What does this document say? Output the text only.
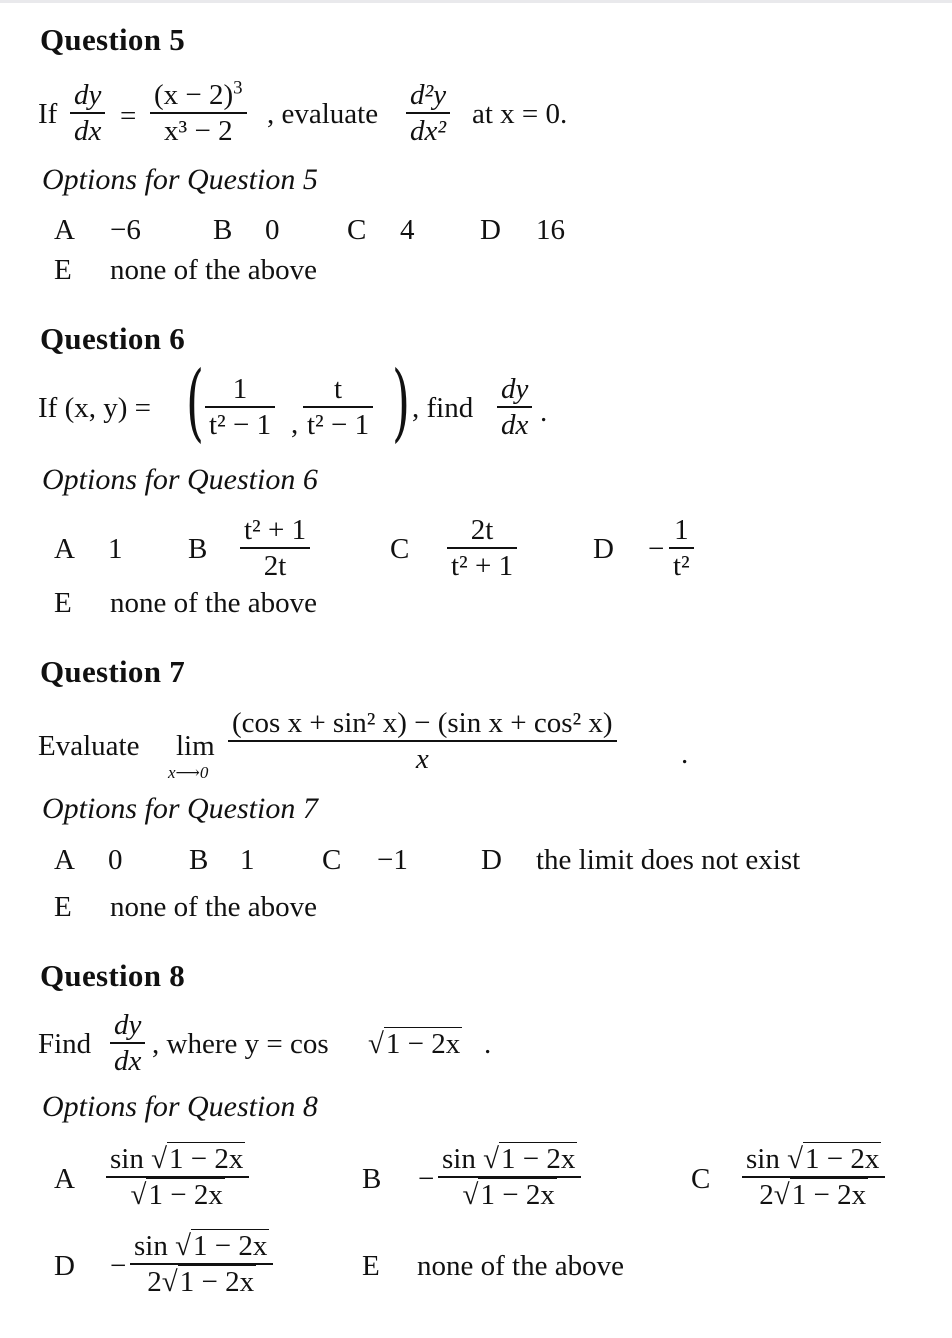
Question 5
If
dy
dx =
$(x - 2)^3$
x³ − 2
, evaluate
d²y
dx²
at x = 0.
Options for Question 5
A −6 B 0 C 4 D 16
E none of the above
Question 6
If (x, y) = ( 1
t² − 1 ,
t
t² − 1 ) , find
dy
dx .
Options for Question 6
A 1 B
t² + 1
2t
C
2t
t² + 1
D −
1
t²
E none of the above
Question 7
Evaluate lim
x⟶0
(cos x + sin² x) − (sin x + cos² x)
x	.
Options for Question 7
A 0 B 1 C −1	D the limit does not exist
E none of the above
Question 8
Find
dy
dx
, where y = cos √1 − 2x .
Options for Question 8
A
sin √1 − 2x
√1 − 2x	B −
sin √1 − 2x
√1 − 2x	C
sin √1 − 2x
2√1 − 2x
D −
sin √1 − 2x
2√1 − 2x	E none of the above
